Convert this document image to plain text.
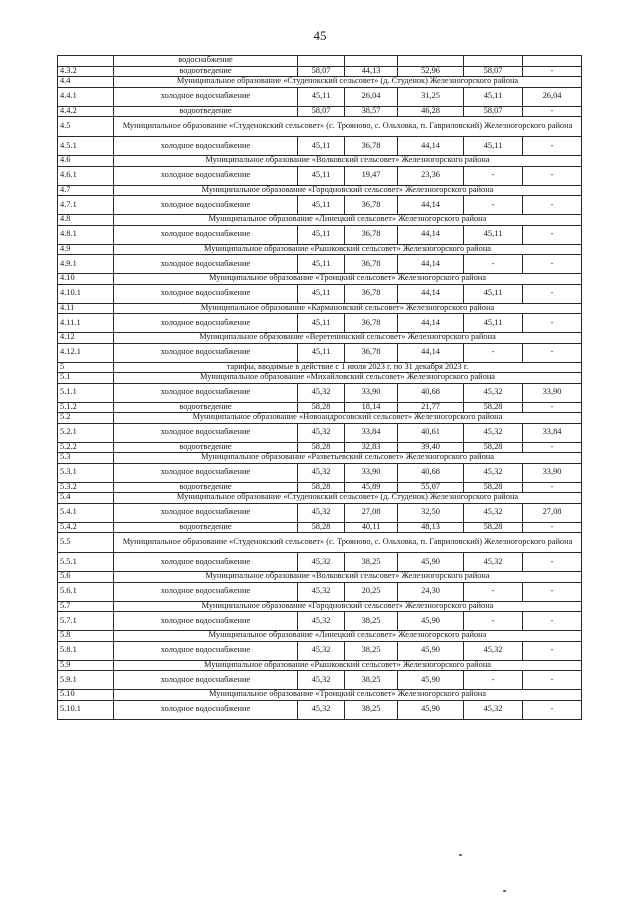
45
	водоснабжение						
4.3.2	водоотведение	58,07	44,13	52,96	58,07	-	
4.4	Муниципальное образование «Студенокский сельсовет» (д. Студенок) Железногорского района						
4.4.1	холодное водоснабжение	45,11	26,04	31,25	45,11	26,04	
4.4.2	водоотведение	58,07	38,57	46,28	58,07	-	
4.5	Муниципальное образование «Студенокский сельсовет» (с. Трояново, с. Ольховка, п. Гавриловский) Железногорского района						
4.5.1	холодное водоснабжение	45,11	36,78	44,14	45,11	-	
4.6	Муниципальное образование «Волковский сельсовет» Железногорского района						
4.6.1	холодное водоснабжение	45,11	19,47	23,36	-	-	
4.7	Муниципальное образование «Городновский сельсовет» Железногорского района						
4.7.1	холодное водоснабжение	45,11	36,78	44,14	-	-	
4.8	Муниципальное образование «Линецкий сельсовет» Железногорского района						
4.8.1	холодное водоснабжение	45,11	36,78	44,14	45,11	-	
4.9	Муниципальное образование «Рышковский сельсовет» Железногорского района						
4.9.1	холодное водоснабжение	45,11	36,78	44,14	-	-	
4.10	Муниципальное образование «Троицкий сельсовет» Железногорского района						
4.10.1	холодное водоснабжение	45,11	36,78	44,14	45,11	-	
4.11	Муниципальное образование «Кармановский сельсовет» Железногорского района						
4.11.1	холодное водоснабжение	45,11	36,78	44,14	45,11	-	
4.12	Муниципальное образование «Веретенинский сельсовет» Железногорского района						
4.12.1	холодное водоснабжение	45,11	36,78	44,14	-	-	
5	тарифы, вводимые в действие с 1 июля 2023 г. по 31 декабря 2023 г.						
5.1	Муниципальное образование «Михайловский сельсовет» Железногорского района						
5.1.1	холодное водоснабжение	45,32	33,90	40,68	45,32	33,90	
5.1.2	водоотведение	58,28	18,14	21,77	58,28	-	
5.2	Муниципальное образование «Новоандросовский сельсовет» Железногорского района						
5.2.1	холодное водоснабжение	45,32	33,84	40,61	45,32	33,84	
5.2.2	водоотведение	58,28	32,83	39,40	58,28	-	
5.3	Муниципальное образование «Разветьевский сельсовет» Железногорского района						
5.3.1	холодное водоснабжение	45,32	33,90	40,68	45,32	33,90	
5.3.2	водоотведение	58,28	45,89	55,07	58,28	-	
5.4	Муниципальное образование «Студенокский сельсовет» (д. Студенок) Железногорского района						
5.4.1	холодное водоснабжение	45,32	27,08	32,50	45,32	27,08	
5.4.2	водоотведение	58,28	40,11	48,13	58,28	-	
5.5	Муниципальное образование «Студенокский сельсовет» (с. Трояново, с. Ольховка, п. Гавриловский) Железногорского района						
5.5.1	холодное водоснабжение	45,32	38,25	45,90	45,32	-	
5.6	Муниципальное образование «Волковский сельсовет» Железногорского района						
5.6.1	холодное водоснабжение	45,32	20,25	24,30	-	-	
5.7	Муниципальное образование «Городновский сельсовет» Железногорского района						
5.7.1	холодное водоснабжение	45,32	38,25	45,90	-	-	
5.8	Муниципальное образование «Линецкий сельсовет» Железногорского района						
5.8.1	холодное водоснабжение	45,32	38,25	45,90	45,32	-	
5.9	Муниципальное образование «Рышковский сельсовет» Железногорского района						
5.9.1	холодное водоснабжение	45,32	38,25	45,90	-	-	
5.10	Муниципальное образование «Троицкий сельсовет» Железногорского района						
5.10.1	холодное водоснабжение	45,32	38,25	45,90	45,32	-	
